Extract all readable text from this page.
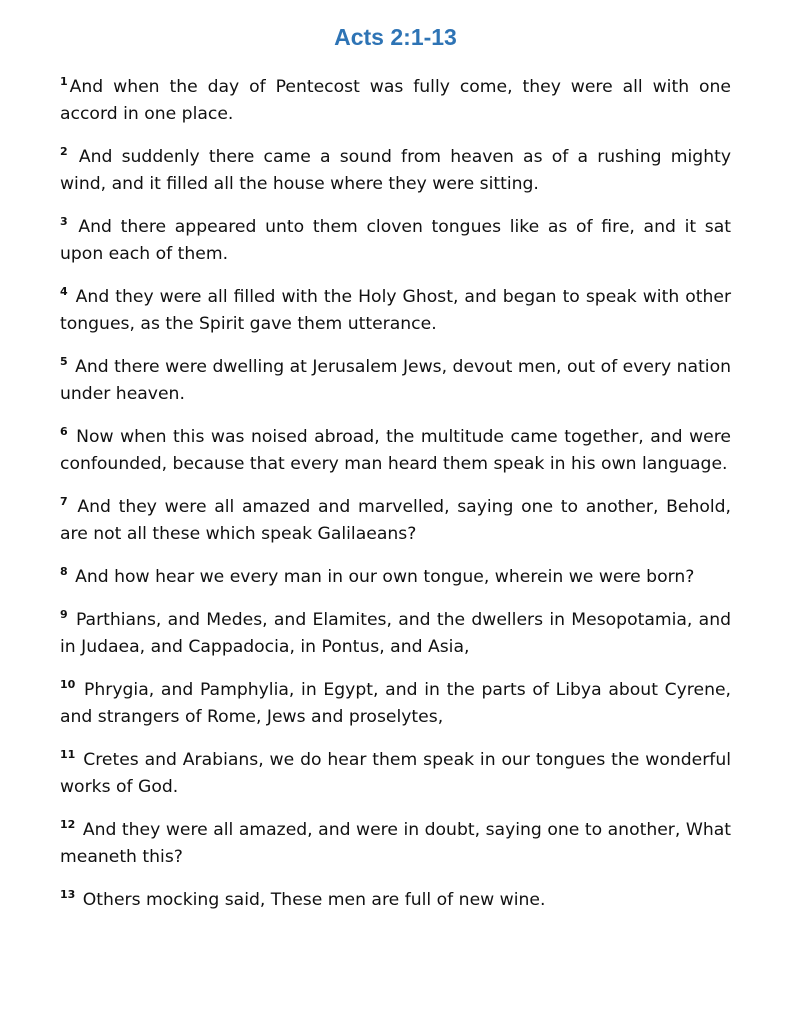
Acts 2:1-13

$^1$ And when the day of Pentecost was fully come, they were all with one accord in one place.

$^2$ And suddenly there came a sound from heaven as of a rushing mighty wind, and it filled all the house where they were sitting.

$^3$ And there appeared unto them cloven tongues like as of fire, and it sat upon each of them.

$^4$ And they were all filled with the Holy Ghost, and began to speak with other tongues, as the Spirit gave them utterance.

$^5$ And there were dwelling at Jerusalem Jews, devout men, out of every nation under heaven.

$^6$ Now when this was noised abroad, the multitude came together, and were confounded, because that every man heard them speak in his own language.

$^7$ And they were all amazed and marvelled, saying one to another, Behold, are not all these which speak Galilaeans?

$^8$ And how hear we every man in our own tongue, wherein we were born?

$^9$ Parthians, and Medes, and Elamites, and the dwellers in Mesopotamia, and in Judaea, and Cappadocia, in Pontus, and Asia,

$^{10}$ Phrygia, and Pamphylia, in Egypt, and in the parts of Libya about Cyrene, and strangers of Rome, Jews and proselytes,

$^{11}$ Cretes and Arabians, we do hear them speak in our tongues the wonderful works of God.

$^{12}$ And they were all amazed, and were in doubt, saying one to another, What meaneth this?

$^{13}$ Others mocking said, These men are full of new wine.
